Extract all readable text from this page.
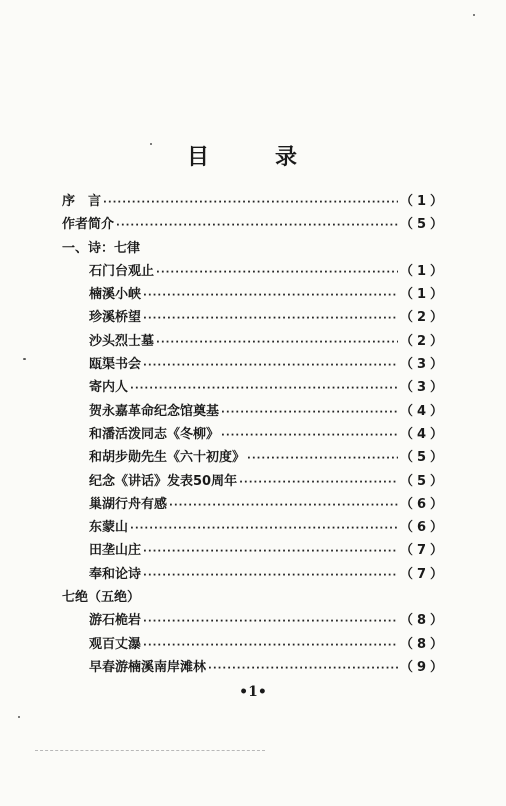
目　录
序　言 ·····	（1）
作者简介 ·····	（5）
一、诗：七律
石门台观止 ·····	（1）
楠溪小峡 ·····	（1）
珍溪桥望 ·····	（2）
沙头烈士墓 ·····	（2）
瓯渠书会 ·····	（3）
寄内人 ·····	（3）
贺永嘉革命纪念馆奠基 ·····	（4）
和潘活泼同志《冬柳》 ·····	（4）
和胡步勋先生《六十初度》 ·····	（5）
纪念《讲话》发表50周年 ·····	（5）
巢湖行舟有感 ·····	（6）
东蒙山 ·····	（6）
田垄山庄 ·····	（7）
奉和论诗 ·····	（7）
七绝（五绝）
游石桅岩 ·····	（8）
观百丈瀑 ·····	（8）
早春游楠溪南岸滩林 ·····	（9）
•1•
